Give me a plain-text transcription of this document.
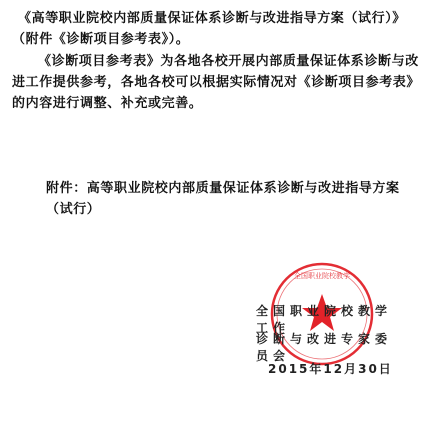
《高等职业院校内部质量保证体系诊断与改进指导方案（试行）》（附件《诊断项目参考表》）。
《诊断项目参考表》为各地各校开展内部质量保证体系诊断与改进工作提供参考，各地各校可以根据实际情况对《诊断项目参考表》的内容进行调整、补充或完善。
附件：高等职业院校内部质量保证体系诊断与改进指导方案（试行）
全国职业院校教学
全国职业院校教学工作
诊断与改进专家委员会
2015年12月30日
